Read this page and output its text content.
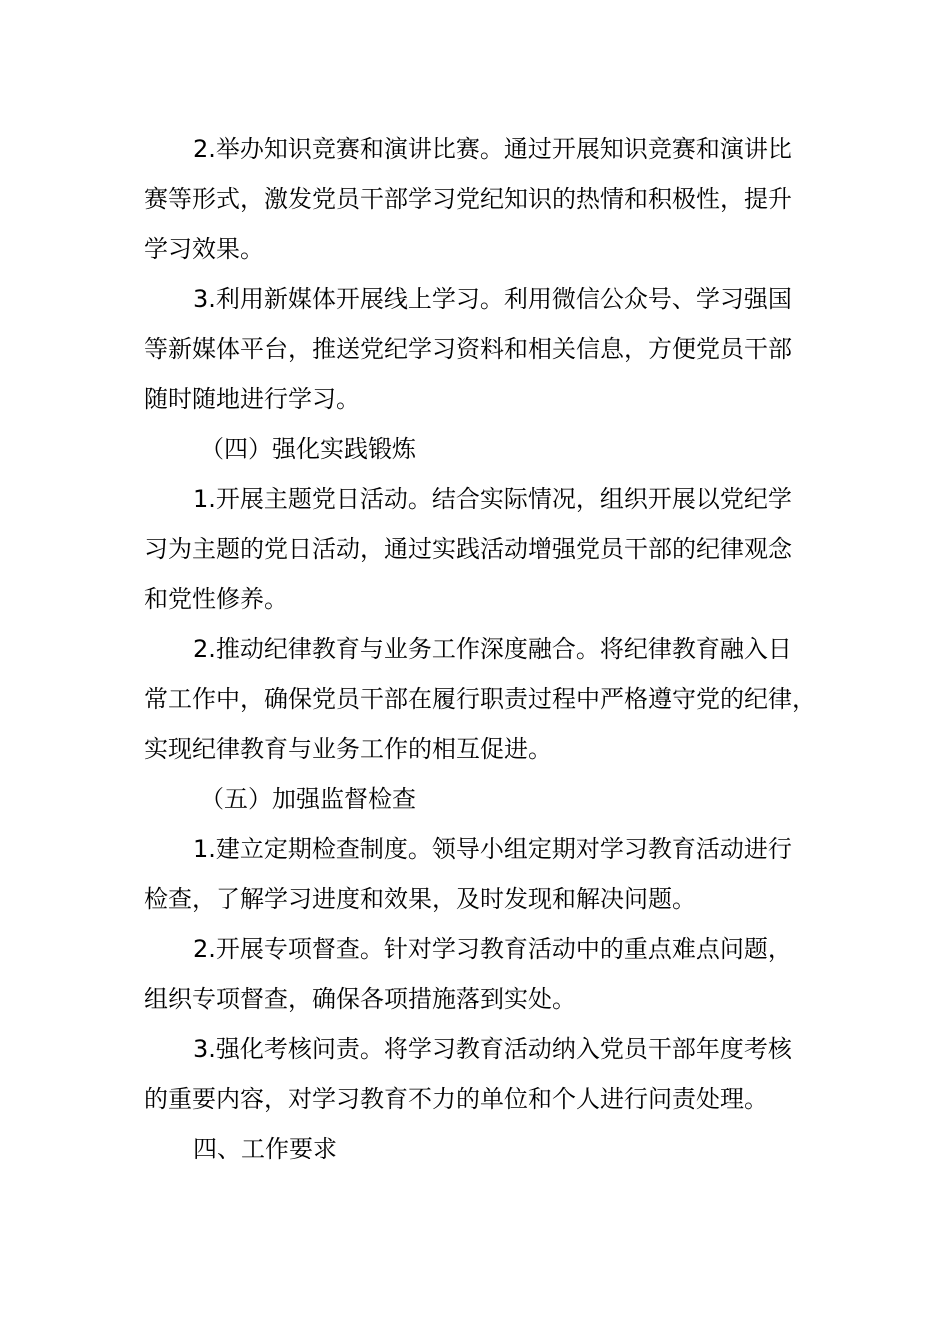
2.举办知识竞赛和演讲比赛。通过开展知识竞赛和演讲比
赛等形式，激发党员干部学习党纪知识的热情和积极性，提升
学习效果。
3.利用新媒体开展线上学习。利用微信公众号、学习强国
等新媒体平台，推送党纪学习资料和相关信息，方便党员干部
随时随地进行学习。
（四）强化实践锻炼
1.开展主题党日活动。结合实际情况，组织开展以党纪学
习为主题的党日活动，通过实践活动增强党员干部的纪律观念
和党性修养。
2.推动纪律教育与业务工作深度融合。将纪律教育融入日
常工作中，确保党员干部在履行职责过程中严格遵守党的纪律，
实现纪律教育与业务工作的相互促进。
（五）加强监督检查
1.建立定期检查制度。领导小组定期对学习教育活动进行
检查，了解学习进度和效果，及时发现和解决问题。
2.开展专项督查。针对学习教育活动中的重点难点问题，
组织专项督查，确保各项措施落到实处。
3.强化考核问责。将学习教育活动纳入党员干部年度考核
的重要内容，对学习教育不力的单位和个人进行问责处理。
四、工作要求
